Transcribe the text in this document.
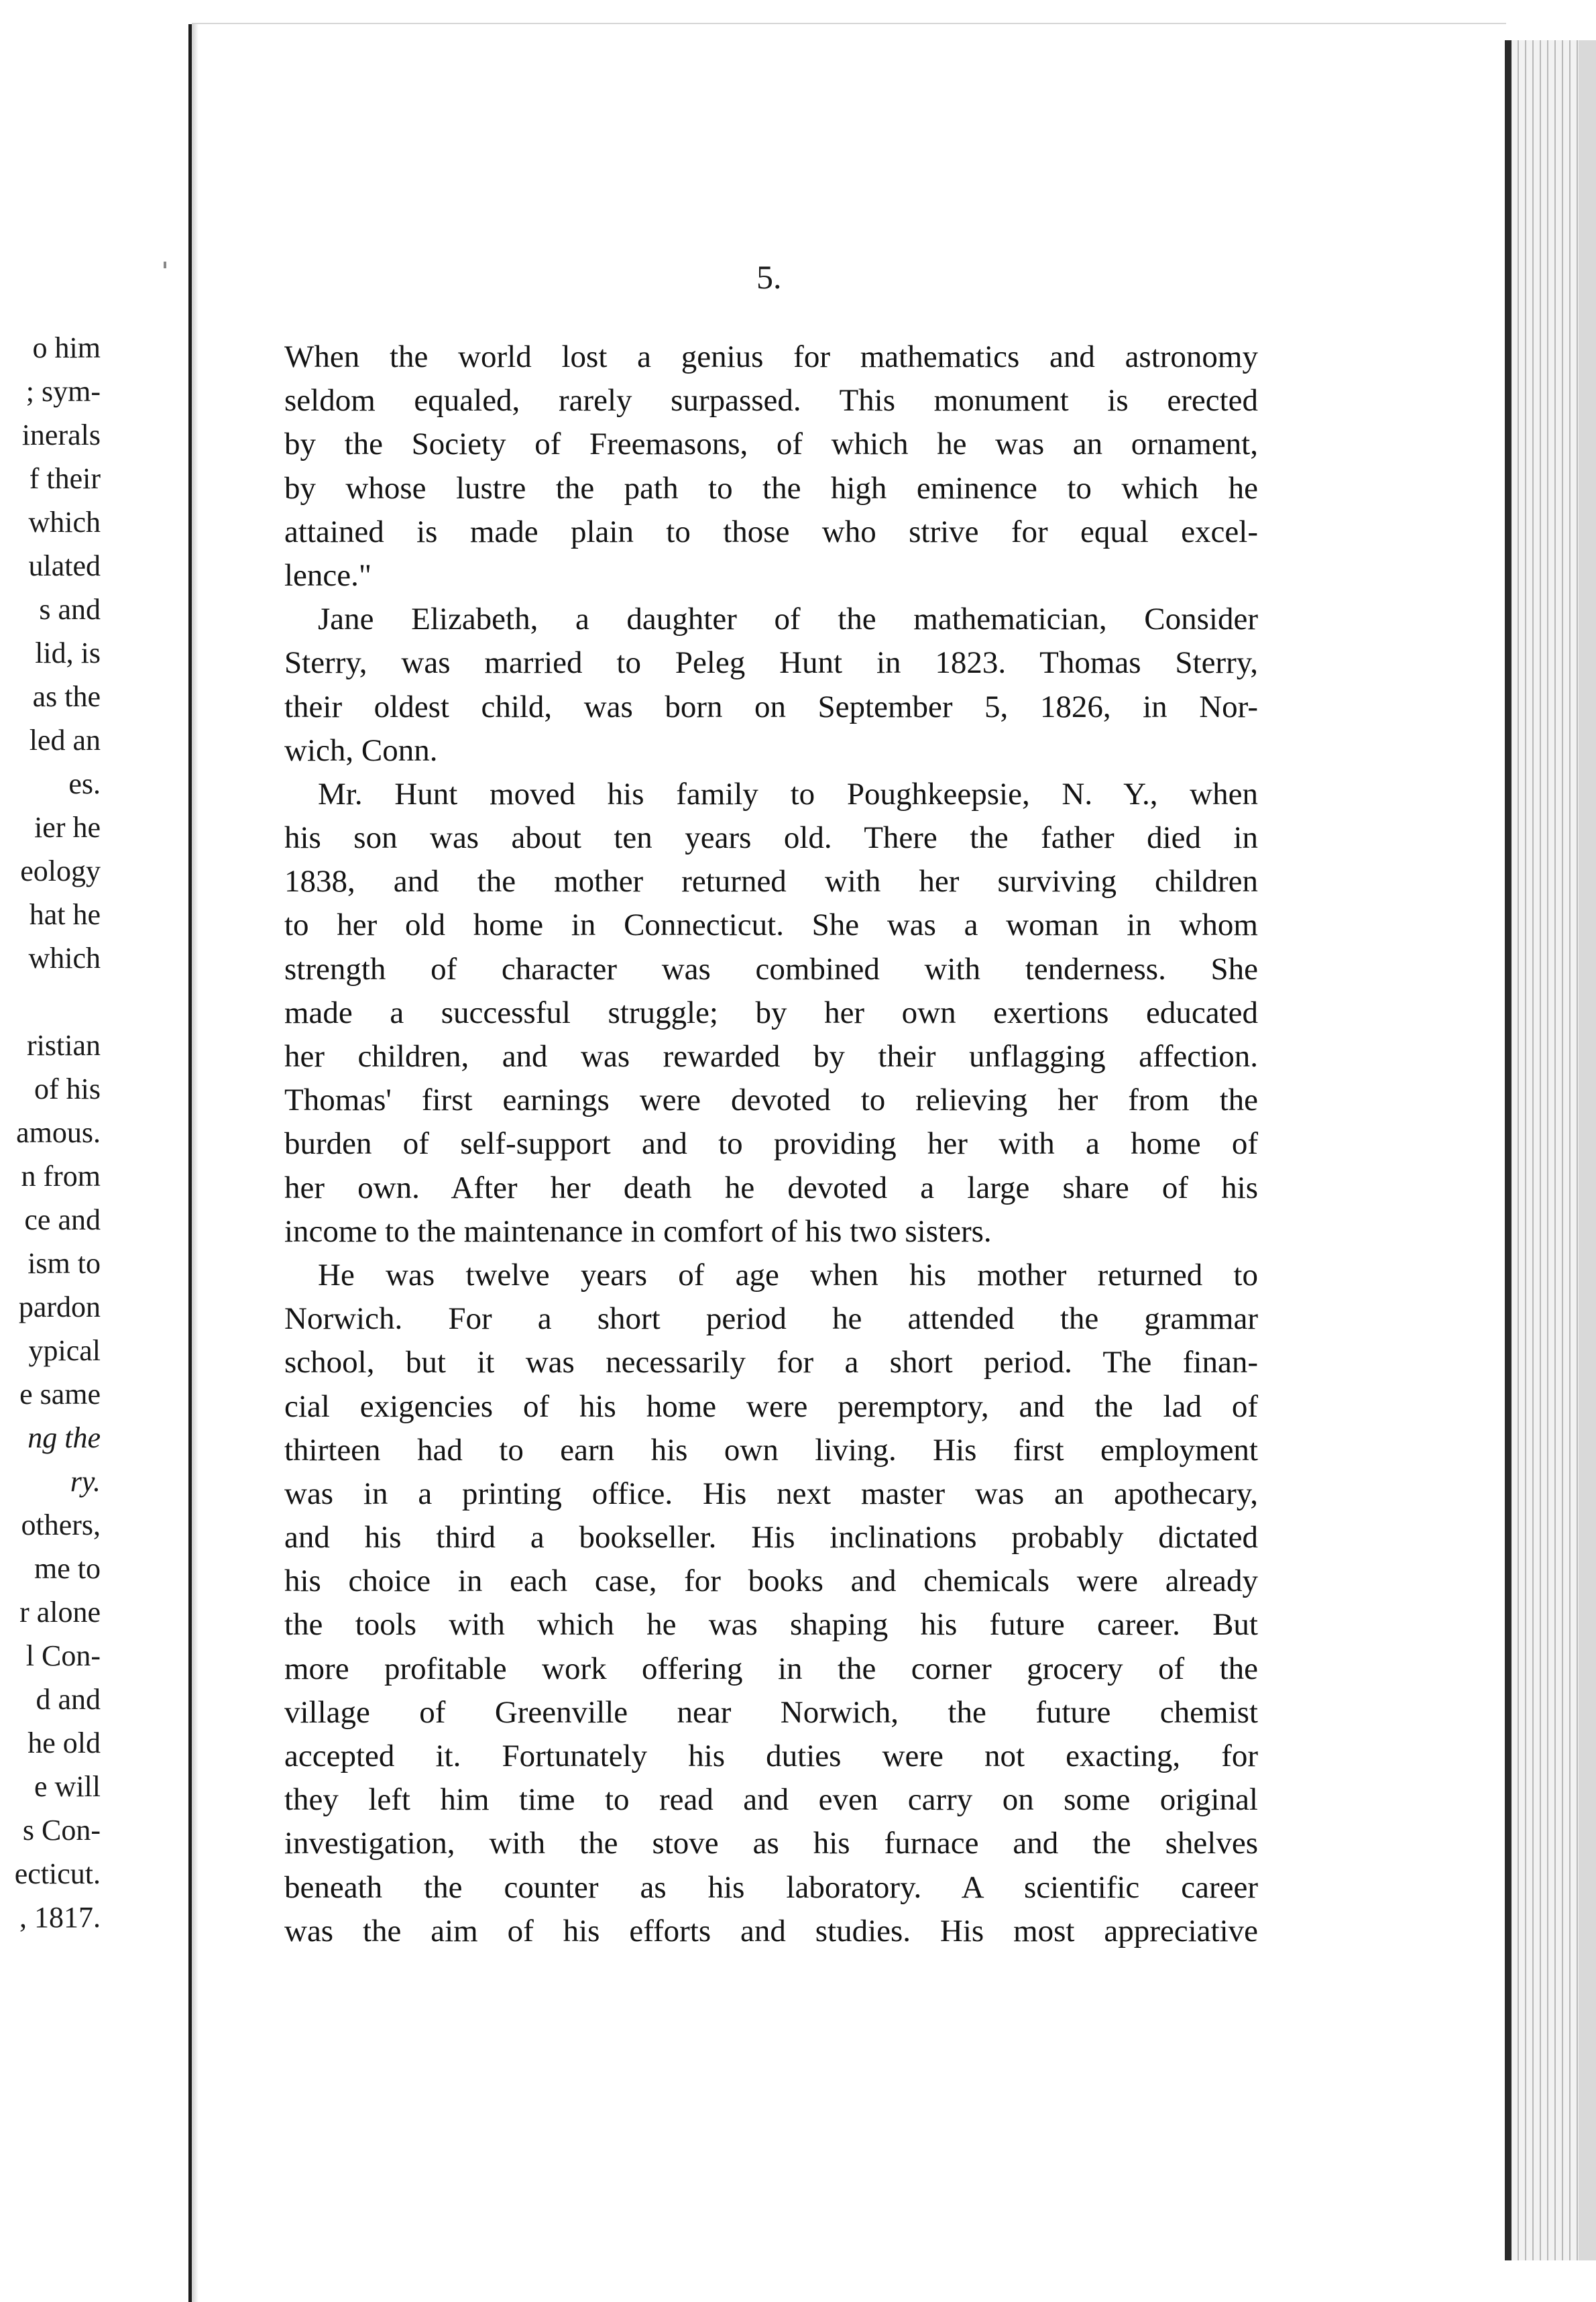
o him
; sym-
inerals
f their
which
ulated
s and
lid, is
as the
led an
es.
ier he
eology
hat he
which
ristian
of his
amous.
n from
ce and
ism to
pardon
ypical
e same
ng the
ry.
others,
me to
r alone
l Con-
d and
he old
e will
s Con-
ecticut.
, 1817.
5.
When the world lost a genius for mathematics and astronomy
seldom equaled, rarely surpassed. This monument is erected
by the Society of Freemasons, of which he was an ornament,
by whose lustre the path to the high eminence to which he
attained is made plain to those who strive for equal excel-
lence."
Jane Elizabeth, a daughter of the mathematician, Consider
Sterry, was married to Peleg Hunt in 1823. Thomas Sterry,
their oldest child, was born on September 5, 1826, in Nor-
wich, Conn.
Mr. Hunt moved his family to Poughkeepsie, N. Y., when
his son was about ten years old. There the father died in
1838, and the mother returned with her surviving children
to her old home in Connecticut. She was a woman in whom
strength of character was combined with tenderness. She
made a successful struggle; by her own exertions educated
her children, and was rewarded by their unflagging affection.
Thomas' first earnings were devoted to relieving her from the
burden of self-support and to providing her with a home of
her own. After her death he devoted a large share of his
income to the maintenance in comfort of his two sisters.
He was twelve years of age when his mother returned to
Norwich. For a short period he attended the grammar
school, but it was necessarily for a short period. The finan-
cial exigencies of his home were peremptory, and the lad of
thirteen had to earn his own living. His first employment
was in a printing office. His next master was an apothecary,
and his third a bookseller. His inclinations probably dictated
his choice in each case, for books and chemicals were already
the tools with which he was shaping his future career. But
more profitable work offering in the corner grocery of the
village of Greenville near Norwich, the future chemist
accepted it. Fortunately his duties were not exacting, for
they left him time to read and even carry on some original
investigation, with the stove as his furnace and the shelves
beneath the counter as his laboratory. A scientific career
was the aim of his efforts and studies. His most appreciative
